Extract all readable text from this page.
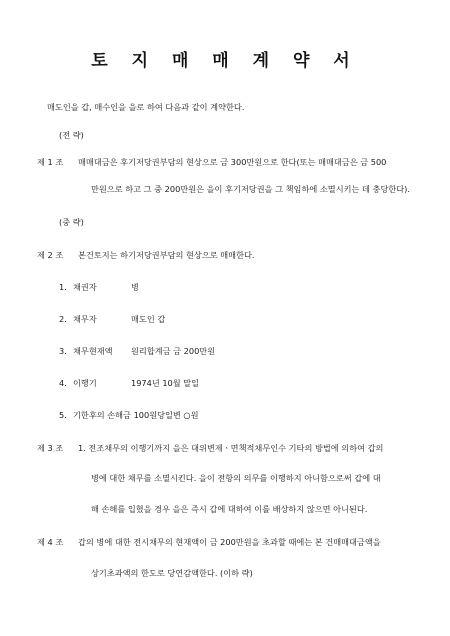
토 지 매 매 계 약 서

매도인을 갑, 매수인을 을로 하여 다음과 같이 계약한다.

(전 략)

제 1 조 매매대금은 후기저당권부담의 현상으로 금 300만원으로 한다(또는 매매대금은 금 500

만원으로 하고 그 중 200만원은 을이 후기저당권을 그 책임하에 소멸시키는 데 충당한다).

(중 략)

제 2 조 본건토지는 하기저당권부담의 현상으로 매매한다.

1. 채권자	병
2. 채무자	매도인 갑
3. 채무현재액 원리합계금 금 200만원
4. 이행기	1974년 10월 말일
5. 기한후의 손해금 100원당일변 ○원

제 3 조 1. 전조채무의 이행기까지 을은 대위변제ㆍ면책적채무인수 기타의 방법에 의하여 갑의

병에 대한 채무를 소멸시킨다. 을이 전항의 의무를 이행하지 아니함으로써 갑에 대

해 손해를 입혔을 경우 을은 즉시 갑에 대하여 이를 배상하지 않으면 아니된다.

제 4 조 갑의 병에 대한 전시채무의 현재액이 금 200만원을 초과할 때에는 본 건매매대금액을

상기초과액의 한도로 당연감액한다. (이하 략)
